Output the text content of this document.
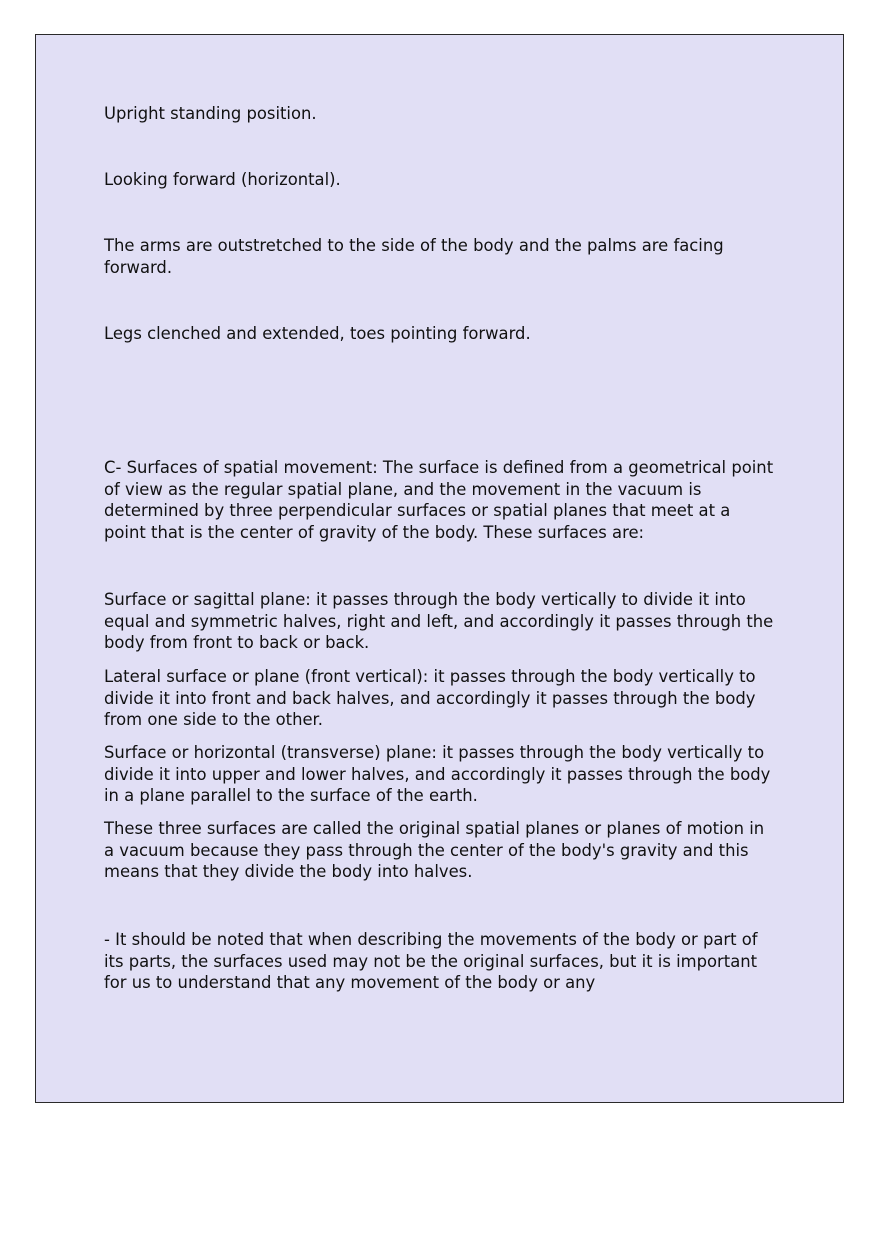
Upright standing position.

Looking forward (horizontal).

The arms are outstretched to the side of the body and the palms are facing forward.

Legs clenched and extended, toes pointing forward.

C- Surfaces of spatial movement: The surface is defined from a geometrical point of view as the regular spatial plane, and the movement in the vacuum is determined by three perpendicular surfaces or spatial planes that meet at a point that is the center of gravity of the body. These surfaces are:

Surface or sagittal plane: it passes through the body vertically to divide it into equal and symmetric halves, right and left, and accordingly it passes through the body from front to back or back.

Lateral surface or plane (front vertical): it passes through the body vertically to divide it into front and back halves, and accordingly it passes through the body from one side to the other.

Surface or horizontal (transverse) plane: it passes through the body vertically to divide it into upper and lower halves, and accordingly it passes through the body in a plane parallel to the surface of the earth.

These three surfaces are called the original spatial planes or planes of motion in a vacuum because they pass through the center of the body's gravity and this means that they divide the body into halves.

- It should be noted that when describing the movements of the body or part of its parts, the surfaces used may not be the original surfaces, but it is important for us to understand that any movement of the body or any
